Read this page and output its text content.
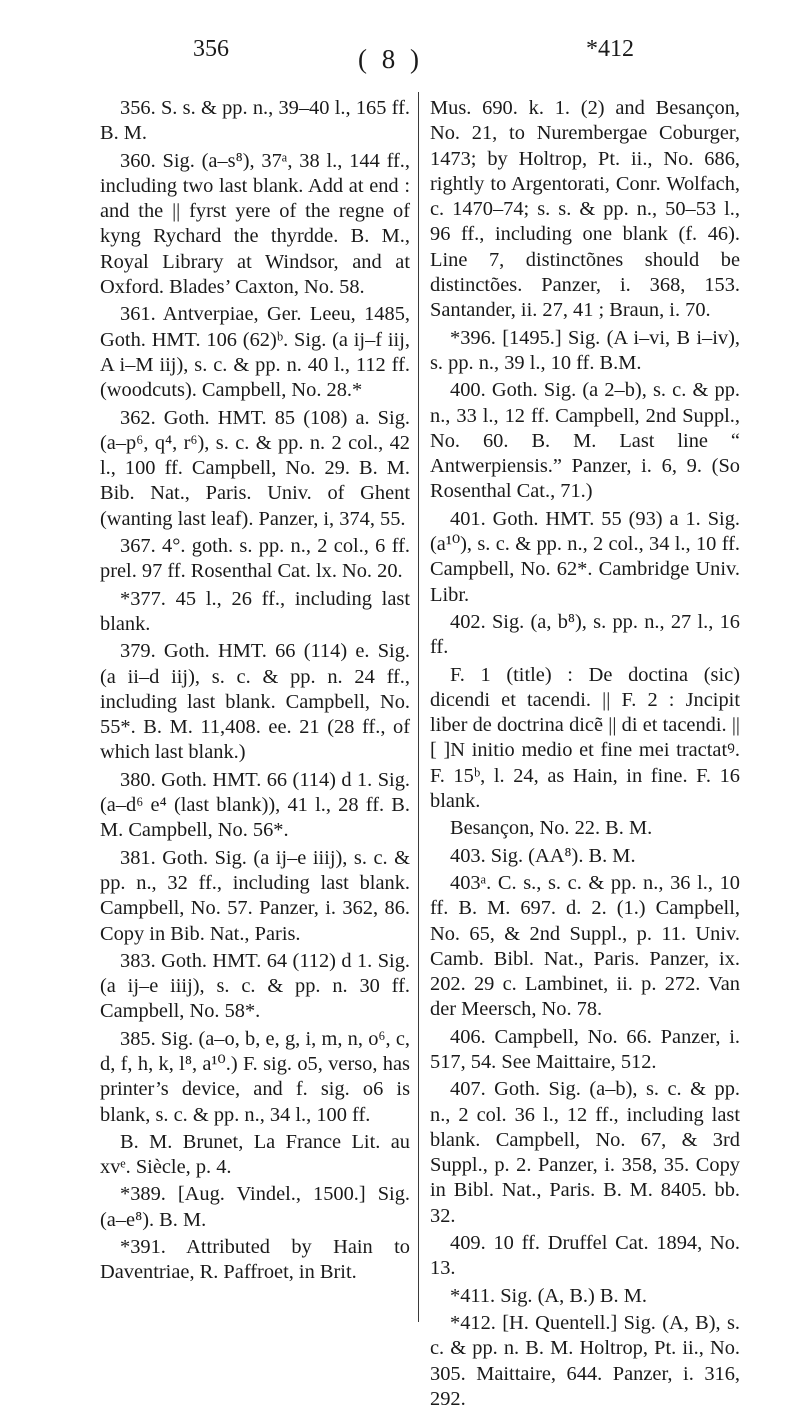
( 8 )
356	*412

356. S. s. & pp. n., 39–40 l., 165 ff. B. M.

360. Sig. (a–s⁸), 37ᵃ, 38 l., 144 ff., including two last blank. Add at end : and the || fyrst yere of the regne of kyng Rychard the thyrdde. B. M., Royal Library at Windsor, and at Oxford. Blades’ Caxton, No. 58.

361. Antverpiae, Ger. Leeu, 1485, Goth. HMT. 106 (62)ᵇ. Sig. (a ij–f iij, A i–M iij), s. c. & pp. n. 40 l., 112 ff. (woodcuts). Campbell, No. 28.*

362. Goth. HMT. 85 (108) a. Sig. (a–p⁶, q⁴, r⁶), s. c. & pp. n. 2 col., 42 l., 100 ff. Campbell, No. 29. B. M. Bib. Nat., Paris. Univ. of Ghent (wanting last leaf). Panzer, i, 374, 55.

367. 4°. goth. s. pp. n., 2 col., 6 ff. prel. 97 ff. Rosenthal Cat. lx. No. 20.

*377. 45 l., 26 ff., including last blank.

379. Goth. HMT. 66 (114) e. Sig. (a ii–d iij), s. c. & pp. n. 24 ff., including last blank. Campbell, No. 55*. B. M. 11,408. ee. 21 (28 ff., of which last blank.)

380. Goth. HMT. 66 (114) d 1. Sig. (a–d⁶ e⁴ (last blank)), 41 l., 28 ff. B. M. Campbell, No. 56*.

381. Goth. Sig. (a ij–e iiij), s. c. & pp. n., 32 ff., including last blank. Campbell, No. 57. Panzer, i. 362, 86. Copy in Bib. Nat., Paris.

383. Goth. HMT. 64 (112) d 1. Sig. (a ij–e iiij), s. c. & pp. n. 30 ff. Campbell, No. 58*.

385. Sig. (a–o, b, e, g, i, m, n, o⁶, c, d, f, h, k, l⁸, a¹⁰.) F. sig. o5, verso, has printer’s device, and f. sig. o6 is blank, s. c. & pp. n., 34 l., 100 ff.

B. M. Brunet, La France Lit. au xvᵉ. Siècle, p. 4.

*389. [Aug. Vindel., 1500.] Sig. (a–e⁸). B. M.

*391. Attributed by Hain to Daventriae, R. Paffroet, in Brit.

Mus. 690. k. 1. (2) and Besançon, No. 21, to Nurembergae Coburger, 1473; by Holtrop, Pt. ii., No. 686, rightly to Argentorati, Conr. Wolfach, c. 1470–74; s. s. & pp. n., 50–53 l., 96 ff., including one blank (f. 46). Line 7, distinctõnes should be distinctões. Panzer, i. 368, 153. Santander, ii. 27, 41 ; Braun, i. 70.

*396. [1495.] Sig. (A i–vi, B i–iv), s. pp. n., 39 l., 10 ff. B.M.

400. Goth. Sig. (a 2–b), s. c. & pp. n., 33 l., 12 ff. Campbell, 2nd Suppl., No. 60. B. M. Last line “ Antwerpiensis.” Panzer, i. 6, 9. (So Rosenthal Cat., 71.)

401. Goth. HMT. 55 (93) a 1. Sig. (a¹⁰), s. c. & pp. n., 2 col., 34 l., 10 ff. Campbell, No. 62*. Cambridge Univ. Libr.

402. Sig. (a, b⁸), s. pp. n., 27 l., 16 ff.

F. 1 (title) : De doctina (sic) dicendi et tacendi. || F. 2 : Jncipit liber de doctrina dicẽ || di et tacendi. || [ ]N initio medio et fine mei tractatꝰ. F. 15ᵇ, l. 24, as Hain, in fine. F. 16 blank.

Besançon, No. 22. B. M.

403. Sig. (AA⁸). B. M.

403ᵃ. C. s., s. c. & pp. n., 36 l., 10 ff. B. M. 697. d. 2. (1.) Campbell, No. 65, & 2nd Suppl., p. 11. Univ. Camb. Bibl. Nat., Paris. Panzer, ix. 202. 29 c. Lambinet, ii. p. 272. Van der Meersch, No. 78.

406. Campbell, No. 66. Panzer, i. 517, 54. See Maittaire, 512.

407. Goth. Sig. (a–b), s. c. & pp. n., 2 col. 36 l., 12 ff., including last blank. Campbell, No. 67, & 3rd Suppl., p. 2. Panzer, i. 358, 35. Copy in Bibl. Nat., Paris. B. M. 8405. bb. 32.

409. 10 ff. Druffel Cat. 1894, No. 13.

*411. Sig. (A, B.) B. M.

*412. [H. Quentell.] Sig. (A, B), s. c. & pp. n. B. M. Holtrop, Pt. ii., No. 305. Maittaire, 644. Panzer, i. 316, 292.
